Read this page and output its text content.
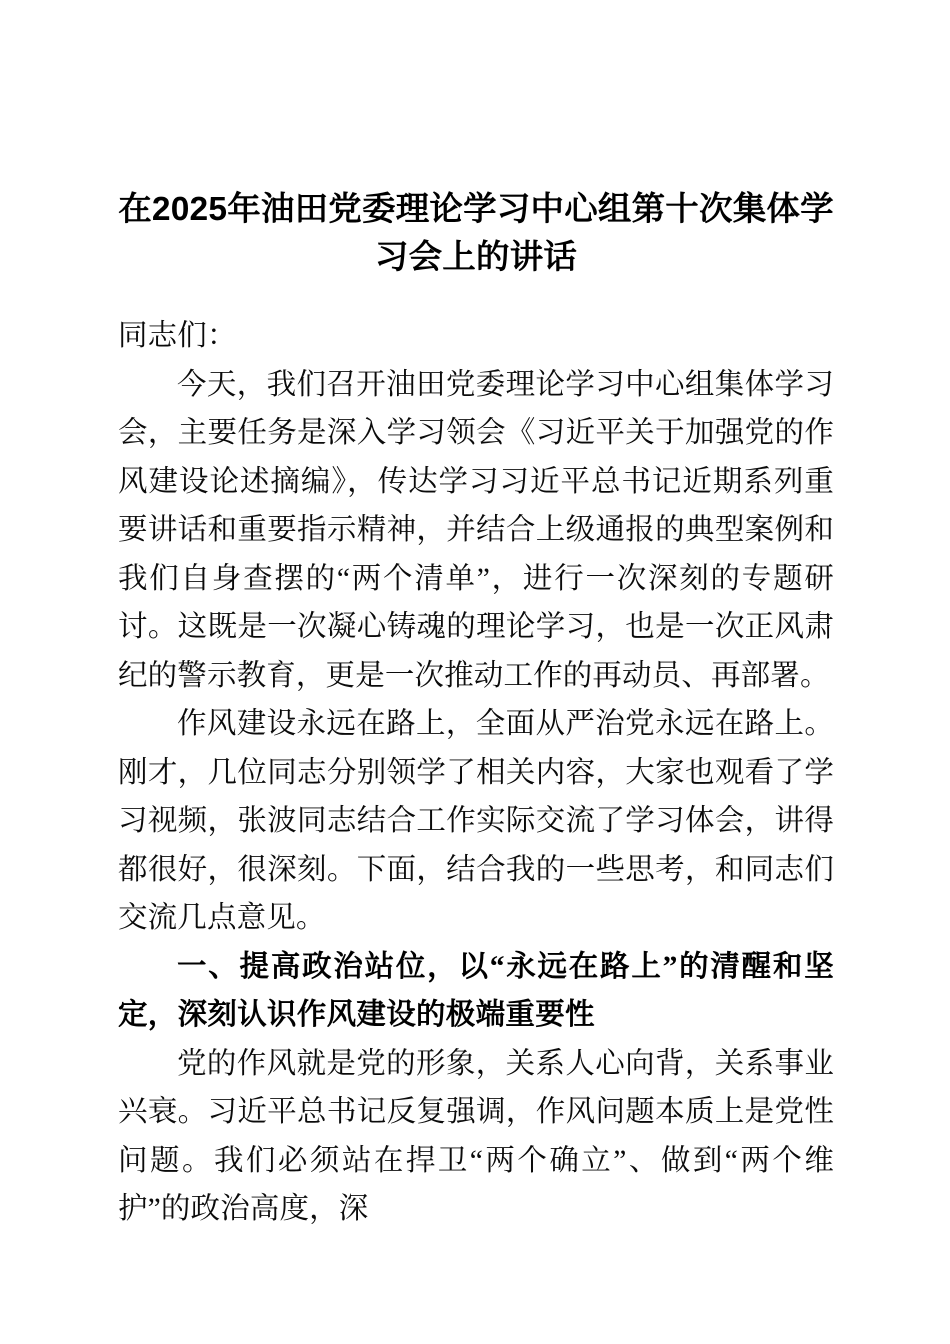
在2025年油田党委理论学习中心组第十次集体学习会上的讲话

同志们：

今天，我们召开油田党委理论学习中心组集体学习会，主要任务是深入学习领会《习近平关于加强党的作风建设论述摘编》，传达学习习近平总书记近期系列重要讲话和重要指示精神，并结合上级通报的典型案例和我们自身查摆的“两个清单”，进行一次深刻的专题研讨。这既是一次凝心铸魂的理论学习，也是一次正风肃纪的警示教育，更是一次推动工作的再动员、再部署。

作风建设永远在路上，全面从严治党永远在路上。刚才，几位同志分别领学了相关内容，大家也观看了学习视频，张波同志结合工作实际交流了学习体会，讲得都很好，很深刻。下面，结合我的一些思考，和同志们交流几点意见。

一、提高政治站位，以“永远在路上”的清醒和坚定，深刻认识作风建设的极端重要性

党的作风就是党的形象，关系人心向背，关系事业兴衰。习近平总书记反复强调，作风问题本质上是党性问题。我们必须站在捍卫“两个确立”、做到“两个维护”的政治高度，深
